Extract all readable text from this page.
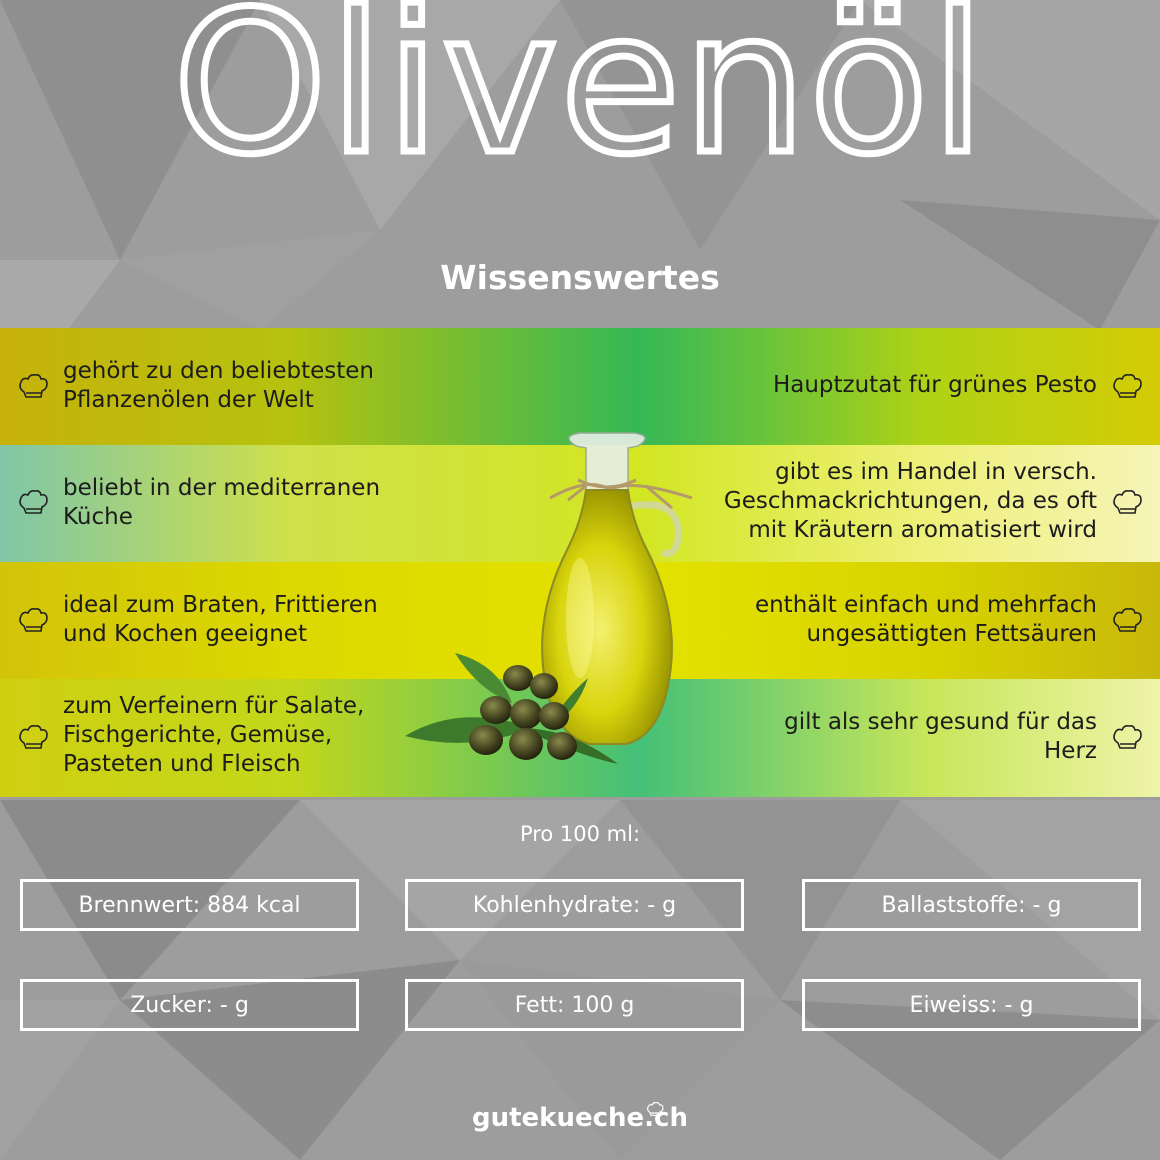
Olivenöl
Wissenswertes
gehört zu den beliebtesten
Pflanzenölen der Welt
beliebt in der mediterranen
Küche
ideal zum Braten, Frittieren
und Kochen geeignet
zum Verfeinern für Salate,
Fischgerichte, Gemüse,
Pasteten und Fleisch
Hauptzutat für grünes Pesto
gibt es im Handel in versch.
Geschmackrichtungen, da es oft
mit Kräutern aromatisiert wird
enthält einfach und mehrfach
ungesättigten Fettsäuren
gilt als sehr gesund für das
Herz
Pro 100 ml:
Brennwert: 884 kcal	Kohlenhydrate: - g	Ballaststoffe: - g
Zucker: - g	Fett: 100 g	Eiweiss: - g
gutekueche.ch
